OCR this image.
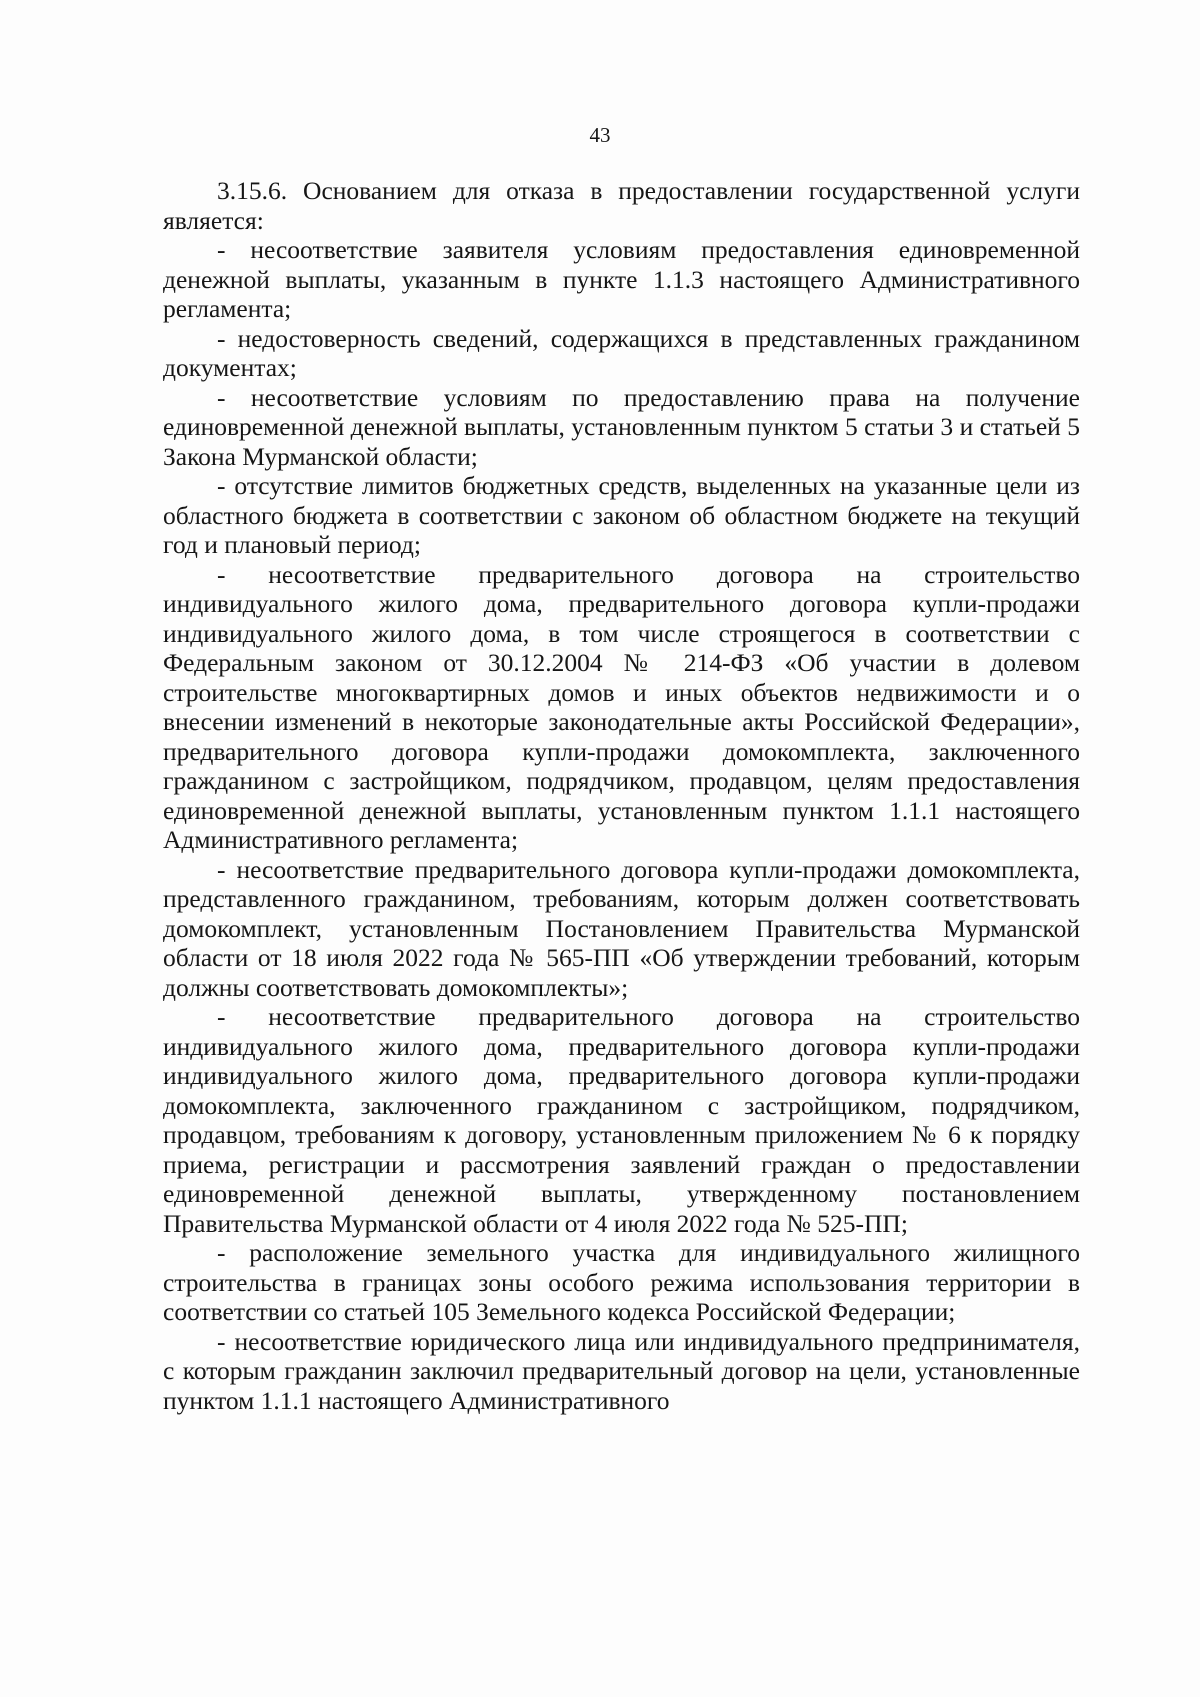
43

3.15.6. Основанием для отказа в предоставлении государственной услуги является:

- несоответствие заявителя условиям предоставления единовременной денежной выплаты, указанным в пункте 1.1.3 настоящего Административного регламента;

- недостоверность сведений, содержащихся в представленных гражданином документах;

- несоответствие условиям по предоставлению права на получение единовременной денежной выплаты, установленным пунктом 5 статьи 3 и статьей 5 Закона Мурманской области;

- отсутствие лимитов бюджетных средств, выделенных на указанные цели из областного бюджета в соответствии с законом об областном бюджете на текущий год и плановый период;

- несоответствие предварительного договора на строительство индивидуального жилого дома, предварительного договора купли-продажи индивидуального жилого дома, в том числе строящегося в соответствии с Федеральным законом от 30.12.2004 № 214-ФЗ «Об участии в долевом строительстве многоквартирных домов и иных объектов недвижимости и о внесении изменений в некоторые законодательные акты Российской Федерации», предварительного договора купли-продажи домокомплекта, заключенного гражданином с застройщиком, подрядчиком, продавцом, целям предоставления единовременной денежной выплаты, установленным пунктом 1.1.1 настоящего Административного регламента;

- несоответствие предварительного договора купли-продажи домокомплекта, представленного гражданином, требованиям, которым должен соответствовать домокомплект, установленным Постановлением Правительства Мурманской области от 18 июля 2022 года № 565-ПП «Об утверждении требований, которым должны соответствовать домокомплекты»;

- несоответствие предварительного договора на строительство индивидуального жилого дома, предварительного договора купли-продажи индивидуального жилого дома, предварительного договора купли-продажи домокомплекта, заключенного гражданином с застройщиком, подрядчиком, продавцом, требованиям к договору, установленным приложением № 6 к порядку приема, регистрации и рассмотрения заявлений граждан о предоставлении единовременной денежной выплаты, утвержденному постановлением Правительства Мурманской области от 4 июля 2022 года № 525-ПП;

- расположение земельного участка для индивидуального жилищного строительства в границах зоны особого режима использования территории в соответствии со статьей 105 Земельного кодекса Российской Федерации;

- несоответствие юридического лица или индивидуального предпринимателя, с которым гражданин заключил предварительный договор на цели, установленные пунктом 1.1.1 настоящего Административного
